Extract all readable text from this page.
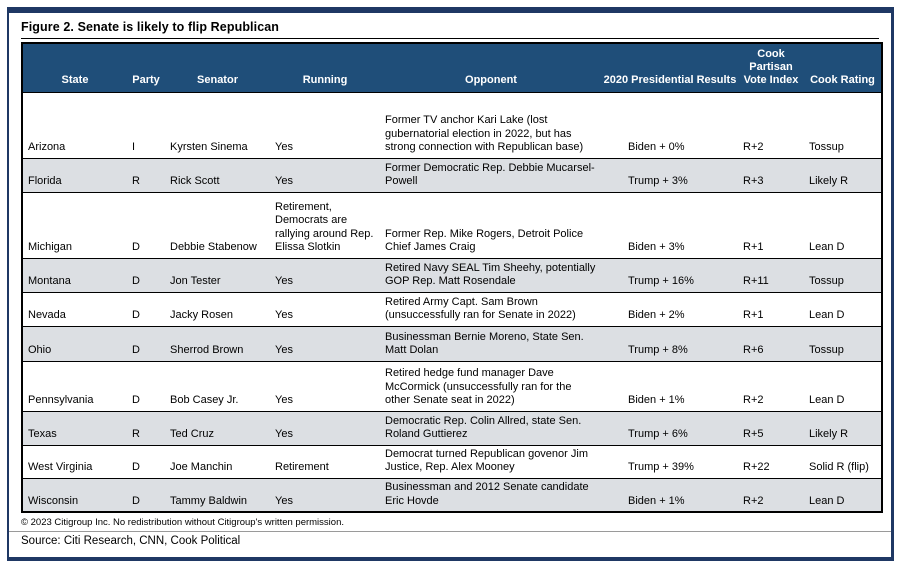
Figure 2. Senate is likely to flip Republican
State	Party	Senator	Running	Opponent	2020 Presidential Results	Cook Partisan Vote Index	Cook Rating
Arizona	I	Kyrsten Sinema	Yes	Former TV anchor Kari Lake (lost gubernatorial election in 2022, but has strong connection with Republican base)	Biden + 0%	R+2	Tossup
Florida	R	Rick Scott	Yes	Former Democratic Rep. Debbie Mucarsel-Powell	Trump + 3%	R+3	Likely R
Michigan	D	Debbie Stabenow	Retirement, Democrats are rallying around Rep. Elissa Slotkin	Former Rep. Mike Rogers, Detroit Police Chief James Craig	Biden + 3%	R+1	Lean D
Montana	D	Jon Tester	Yes	Retired Navy SEAL Tim Sheehy, potentially GOP Rep. Matt Rosendale	Trump + 16%	R+11	Tossup
Nevada	D	Jacky Rosen	Yes	Retired Army Capt. Sam Brown (unsuccessfully ran for Senate in 2022)	Biden + 2%	R+1	Lean D
Ohio	D	Sherrod Brown	Yes	Businessman Bernie Moreno, State Sen. Matt Dolan	Trump + 8%	R+6	Tossup
Pennsylvania	D	Bob Casey Jr.	Yes	Retired hedge fund manager Dave McCormick (unsuccessfully ran for the other Senate seat in 2022)	Biden + 1%	R+2	Lean D
Texas	R	Ted Cruz	Yes	Democratic Rep. Colin Allred, state Sen. Roland Guttierez	Trump + 6%	R+5	Likely R
West Virginia	D	Joe Manchin	Retirement	Democrat turned Republican govenor Jim Justice, Rep. Alex Mooney	Trump + 39%	R+22	Solid R (flip)
Wisconsin	D	Tammy Baldwin	Yes	Businessman and 2012 Senate candidate Eric Hovde	Biden + 1%	R+2	Lean D
© 2023 Citigroup Inc. No redistribution without Citigroup's written permission.
Source: Citi Research, CNN, Cook Political
